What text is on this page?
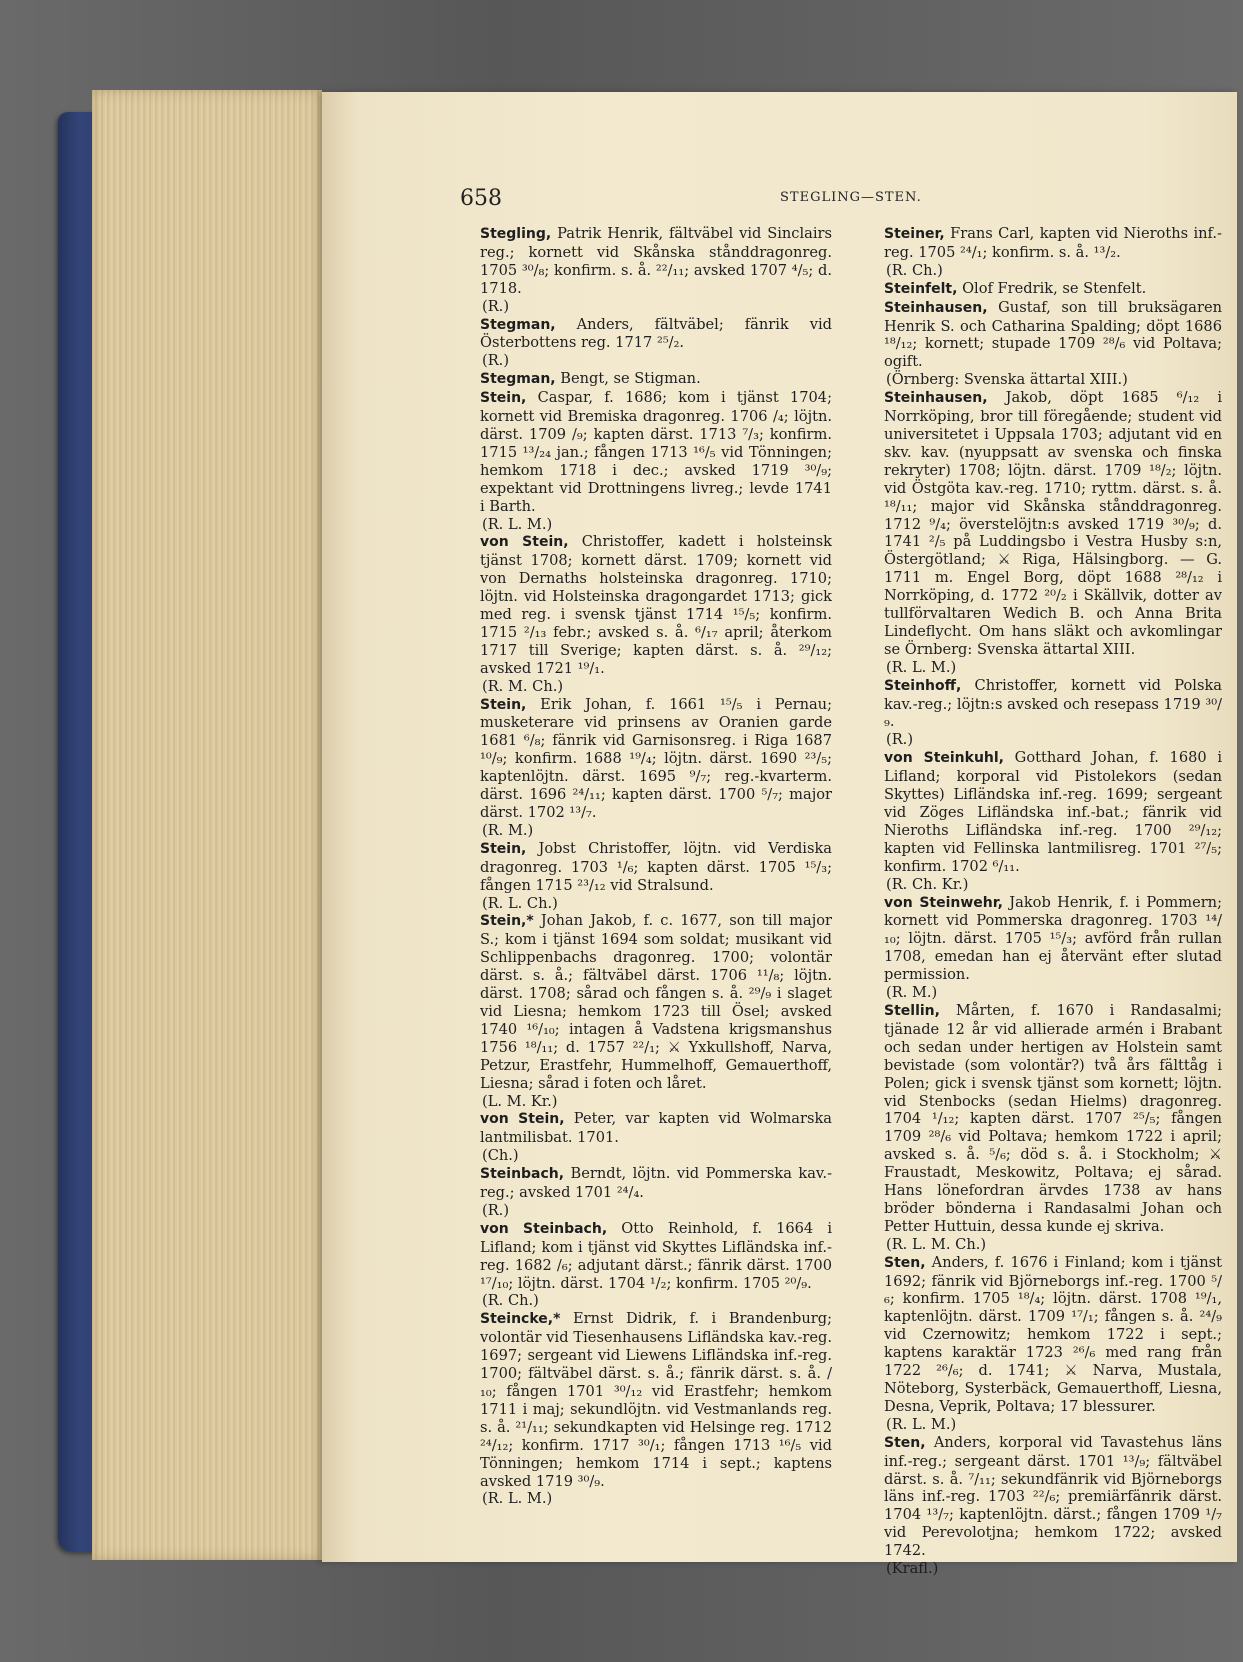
658	STEGLING—STEN.

Stegling, Patrik Henrik, fältväbel vid Sinclairs reg.; kornett vid Skånska stånddragonreg. 1705 ³⁰/₈; konfirm. s. å. ²²/₁₁; avsked 1707 ⁴/₅; d. 1718.
(R.)

Stegman, Anders, fältväbel; fänrik vid Österbottens reg. 1717 ²⁵/₂.
(R.)

Stegman, Bengt, se Stigman.

Stein, Caspar, f. 1686; kom i tjänst 1704; kornett vid Bremiska dragonreg. 1706 /₄; löjtn. därst. 1709 /₉; kapten därst. 1713 ⁷/₃; konfirm. 1715 ¹³/₂₄ jan.; fången 1713 ¹⁶/₅ vid Tönningen; hemkom 1718 i dec.; avsked 1719 ³⁰/₉; expektant vid Drottningens livreg.; levde 1741 i Barth.
(R. L. M.)

von Stein, Christoffer, kadett i holsteinsk tjänst 1708; kornett därst. 1709; kornett vid von Dernaths holsteinska dragonreg. 1710; löjtn. vid Holsteinska dragongardet 1713; gick med reg. i svensk tjänst 1714 ¹⁵/₅; konfirm. 1715 ²/₁₃ febr.; avsked s. å. ⁶/₁₇ april; återkom 1717 till Sverige; kapten därst. s. å. ²⁹/₁₂; avsked 1721 ¹⁹/₁.
(R. M. Ch.)

Stein, Erik Johan, f. 1661 ¹⁵/₅ i Pernau; musketerare vid prinsens av Oranien garde 1681 ⁶/₈; fänrik vid Garnisonsreg. i Riga 1687 ¹⁰/₉; konfirm. 1688 ¹⁹/₄; löjtn. därst. 1690 ²³/₅; kaptenlöjtn. därst. 1695 ⁹/₇; reg.-kvarterm. därst. 1696 ²⁴/₁₁; kapten därst. 1700 ⁵/₇; major därst. 1702 ¹³/₇.
(R. M.)

Stein, Jobst Christoffer, löjtn. vid Verdiska dragonreg. 1703 ¹/₆; kapten därst. 1705 ¹⁵/₃; fången 1715 ²³/₁₂ vid Stralsund.
(R. L. Ch.)

Stein,* Johan Jakob, f. c. 1677, son till major S.; kom i tjänst 1694 som soldat; musikant vid Schlippenbachs dragonreg. 1700; volontär därst. s. å.; fältväbel därst. 1706 ¹¹/₈; löjtn. därst. 1708; sårad och fången s. å. ²⁹/₉ i slaget vid Liesna; hemkom 1723 till Ösel; avsked 1740 ¹⁶/₁₀; intagen å Vadstena krigsmanshus 1756 ¹⁸/₁₁; d. 1757 ²²/₁; ⚔ Yxkullshoff, Narva, Petzur, Erastfehr, Hummelhoff, Gemauerthoff, Liesna; sårad i foten och låret.
(L. M. Kr.)

von Stein, Peter, var kapten vid Wolmarska lantmilisbat. 1701.
(Ch.)

Steinbach, Berndt, löjtn. vid Pommerska kav.-reg.; avsked 1701 ²⁴/₄.
(R.)

von Steinbach, Otto Reinhold, f. 1664 i Lifland; kom i tjänst vid Skyttes Lifländska inf.-reg. 1682 /₆; adjutant därst.; fänrik därst. 1700 ¹⁷/₁₀; löjtn. därst. 1704 ¹/₂; konfirm. 1705 ²⁰/₉.
(R. Ch.)

Steincke,* Ernst Didrik, f. i Brandenburg; volontär vid Tiesenhausens Lifländska kav.-reg. 1697; sergeant vid Liewens Lifländska inf.-reg. 1700; fältväbel därst. s. å.; fänrik därst. s. å. /₁₀; fången 1701 ³⁰/₁₂ vid Erastfehr; hemkom 1711 i maj; sekundlöjtn. vid Vestmanlands reg. s. å. ²¹/₁₁; sekundkapten vid Helsinge reg. 1712 ²⁴/₁₂; konfirm. 1717 ³⁰/₁; fången 1713 ¹⁶/₅ vid Tönningen; hemkom 1714 i sept.; kaptens avsked 1719 ³⁰/₉.
(R. L. M.)

Steiner, Frans Carl, kapten vid Nieroths inf.-reg. 1705 ²⁴/₁; konfirm. s. å. ¹³/₂.
(R. Ch.)

Steinfelt, Olof Fredrik, se Stenfelt.

Steinhausen, Gustaf, son till bruksägaren Henrik S. och Catharina Spalding; döpt 1686 ¹⁸/₁₂; kornett; stupade 1709 ²⁸/₆ vid Poltava; ogift.
(Örnberg: Svenska ättartal XIII.)

Steinhausen, Jakob, döpt 1685 ⁶/₁₂ i Norrköping, bror till föregående; student vid universitetet i Uppsala 1703; adjutant vid en skv. kav. (nyuppsatt av svenska och finska rekryter) 1708; löjtn. därst. 1709 ¹⁸/₂; löjtn. vid Östgöta kav.-reg. 1710; ryttm. därst. s. å. ¹⁸/₁₁; major vid Skånska stånddragonreg. 1712 ⁹/₄; överstelöjtn:s avsked 1719 ³⁰/₉; d. 1741 ²/₅ på Luddingsbo i Vestra Husby s:n, Östergötland; ⚔ Riga, Hälsingborg. — G. 1711 m. Engel Borg, döpt 1688 ²⁸/₁₂ i Norrköping, d. 1772 ²⁰/₂ i Skällvik, dotter av tullförvaltaren Wedich B. och Anna Brita Lindeflycht. Om hans släkt och avkomlingar se Örnberg: Svenska ättartal XIII.
(R. L. M.)

Steinhoff, Christoffer, kornett vid Polska kav.-reg.; löjtn:s avsked och resepass 1719 ³⁰/₉.
(R.)

von Steinkuhl, Gotthard Johan, f. 1680 i Lifland; korporal vid Pistolekors (sedan Skyttes) Lifländska inf.-reg. 1699; sergeant vid Zöges Lifländska inf.-bat.; fänrik vid Nieroths Lifländska inf.-reg. 1700 ²⁹/₁₂; kapten vid Fellinska lantmilisreg. 1701 ²⁷/₅; konfirm. 1702 ⁶/₁₁.
(R. Ch. Kr.)

von Steinwehr, Jakob Henrik, f. i Pommern; kornett vid Pommerska dragonreg. 1703 ¹⁴/₁₀; löjtn. därst. 1705 ¹⁵/₃; avförd från rullan 1708, emedan han ej återvänt efter slutad permission.
(R. M.)

Stellin, Mårten, f. 1670 i Randasalmi; tjänade 12 år vid allierade armén i Brabant och sedan under hertigen av Holstein samt bevistade (som volontär?) två års fälttåg i Polen; gick i svensk tjänst som kornett; löjtn. vid Stenbocks (sedan Hielms) dragonreg. 1704 ¹/₁₂; kapten därst. 1707 ²⁵/₅; fången 1709 ²⁸/₆ vid Poltava; hemkom 1722 i april; avsked s. å. ⁵/₆; död s. å. i Stockholm; ⚔ Fraustadt, Meskowitz, Poltava; ej sårad. Hans lönefordran ärvdes 1738 av hans bröder bönderna i Randasalmi Johan och Petter Huttuin, dessa kunde ej skriva.
(R. L. M. Ch.)

Sten, Anders, f. 1676 i Finland; kom i tjänst 1692; fänrik vid Björneborgs inf.-reg. 1700 ⁵/₆; konfirm. 1705 ¹⁸/₄; löjtn. därst. 1708 ¹⁹/₁, kaptenlöjtn. därst. 1709 ¹⁷/₁; fången s. å. ²⁴/₉ vid Czernowitz; hemkom 1722 i sept.; kaptens karaktär 1723 ²⁶/₆ med rang från 1722 ²⁶/₆; d. 1741; ⚔ Narva, Mustala, Nöteborg, Systerbäck, Gemauerthoff, Liesna, Desna, Veprik, Poltava; 17 blessurer.
(R. L. M.)

Sten, Anders, korporal vid Tavastehus läns inf.-reg.; sergeant därst. 1701 ¹³/₉; fältväbel därst. s. å. ⁷/₁₁; sekundfänrik vid Björneborgs läns inf.-reg. 1703 ²²/₆; premiärfänrik därst. 1704 ¹³/₇; kaptenlöjtn. därst.; fången 1709 ¹/₇ vid Perevolotjna; hemkom 1722; avsked 1742.
(Krafl.)
